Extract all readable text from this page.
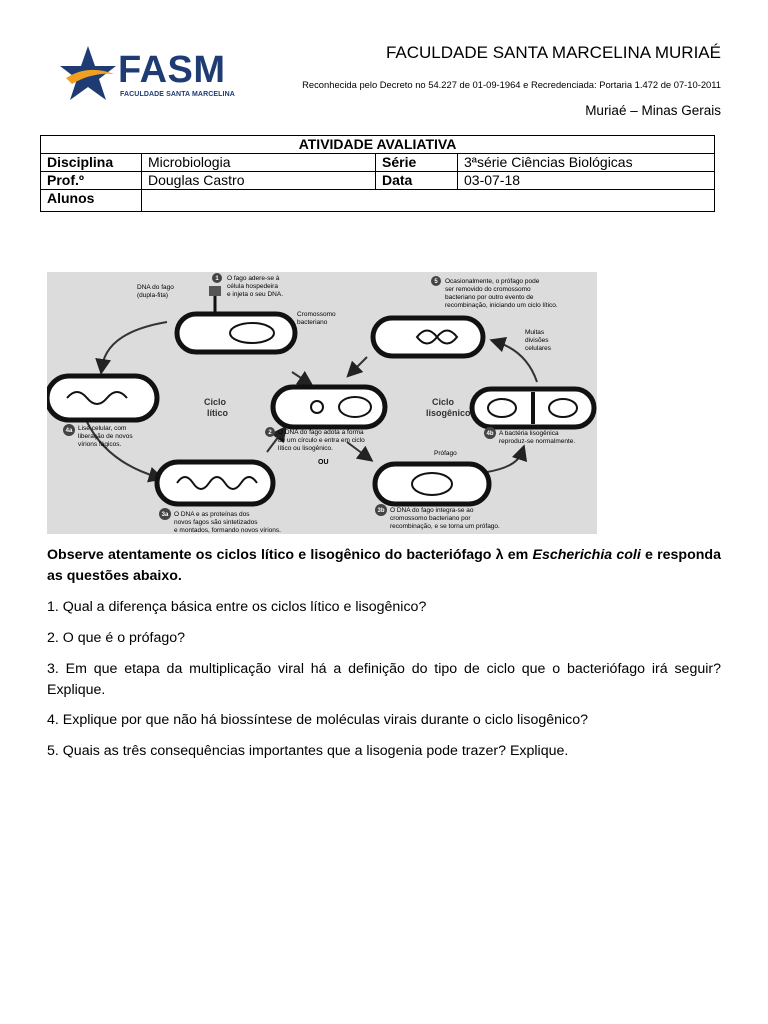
FASM
FACULDADE SANTA MARCELINA
FACULDADE SANTA MARCELINA MURIAÉ
Reconhecida pelo Decreto no 54.227 de 01-09-1964 e Recredenciada: Portaria 1.472 de 07-10-2011
Muriaé – Minas Gerais
ATIVIDADE AVALIATIVA			
Disciplina	Microbiologia	Série	3ªsérie Ciências Biológicas
Prof.º	Douglas Castro	Data	03-07-18
Alunos			
1	5
2
4a	4b
3a
3b
DNA do fago
(dupla-fita)
O fago adere-se à
célula hospedeira
e injeta o seu DNA.
Cromossomo
bacteriano
Ocasionalmente, o prófago pode
ser removido do cromossomo
bacteriano por outro evento de
recombinação, iniciando um ciclo lítico.
Muitas
divisões
celulares
Lise celular, com
liberação de novos
vírions fágicos.
O DNA do fago adota a forma
de um círculo e entra em ciclo
lítico ou lisogênico.
A bactéria lisogênica
reproduz-se normalmente.
Prófago
O DNA e as proteínas dos
novos fagos são sintetizados
e montados, formando novos vírions.
O DNA do fago integra-se ao
cromossomo bacteriano por
recombinação, e se torna um prófago.
OU
Ciclo
lítico
Ciclo
lisogênico
Observe atentamente os ciclos lítico e lisogênico do bacteriófago λ em Escherichia coli e responda as questões abaixo.
1. Qual a diferença básica entre os ciclos lítico e lisogênico?
2. O que é o prófago?
3. Em que etapa da multiplicação viral há a definição do tipo de ciclo que o bacteriófago irá seguir? Explique.
4. Explique por que não há biossíntese de moléculas virais durante o ciclo lisogênico?
5. Quais as três consequências importantes que a lisogenia pode trazer? Explique.
